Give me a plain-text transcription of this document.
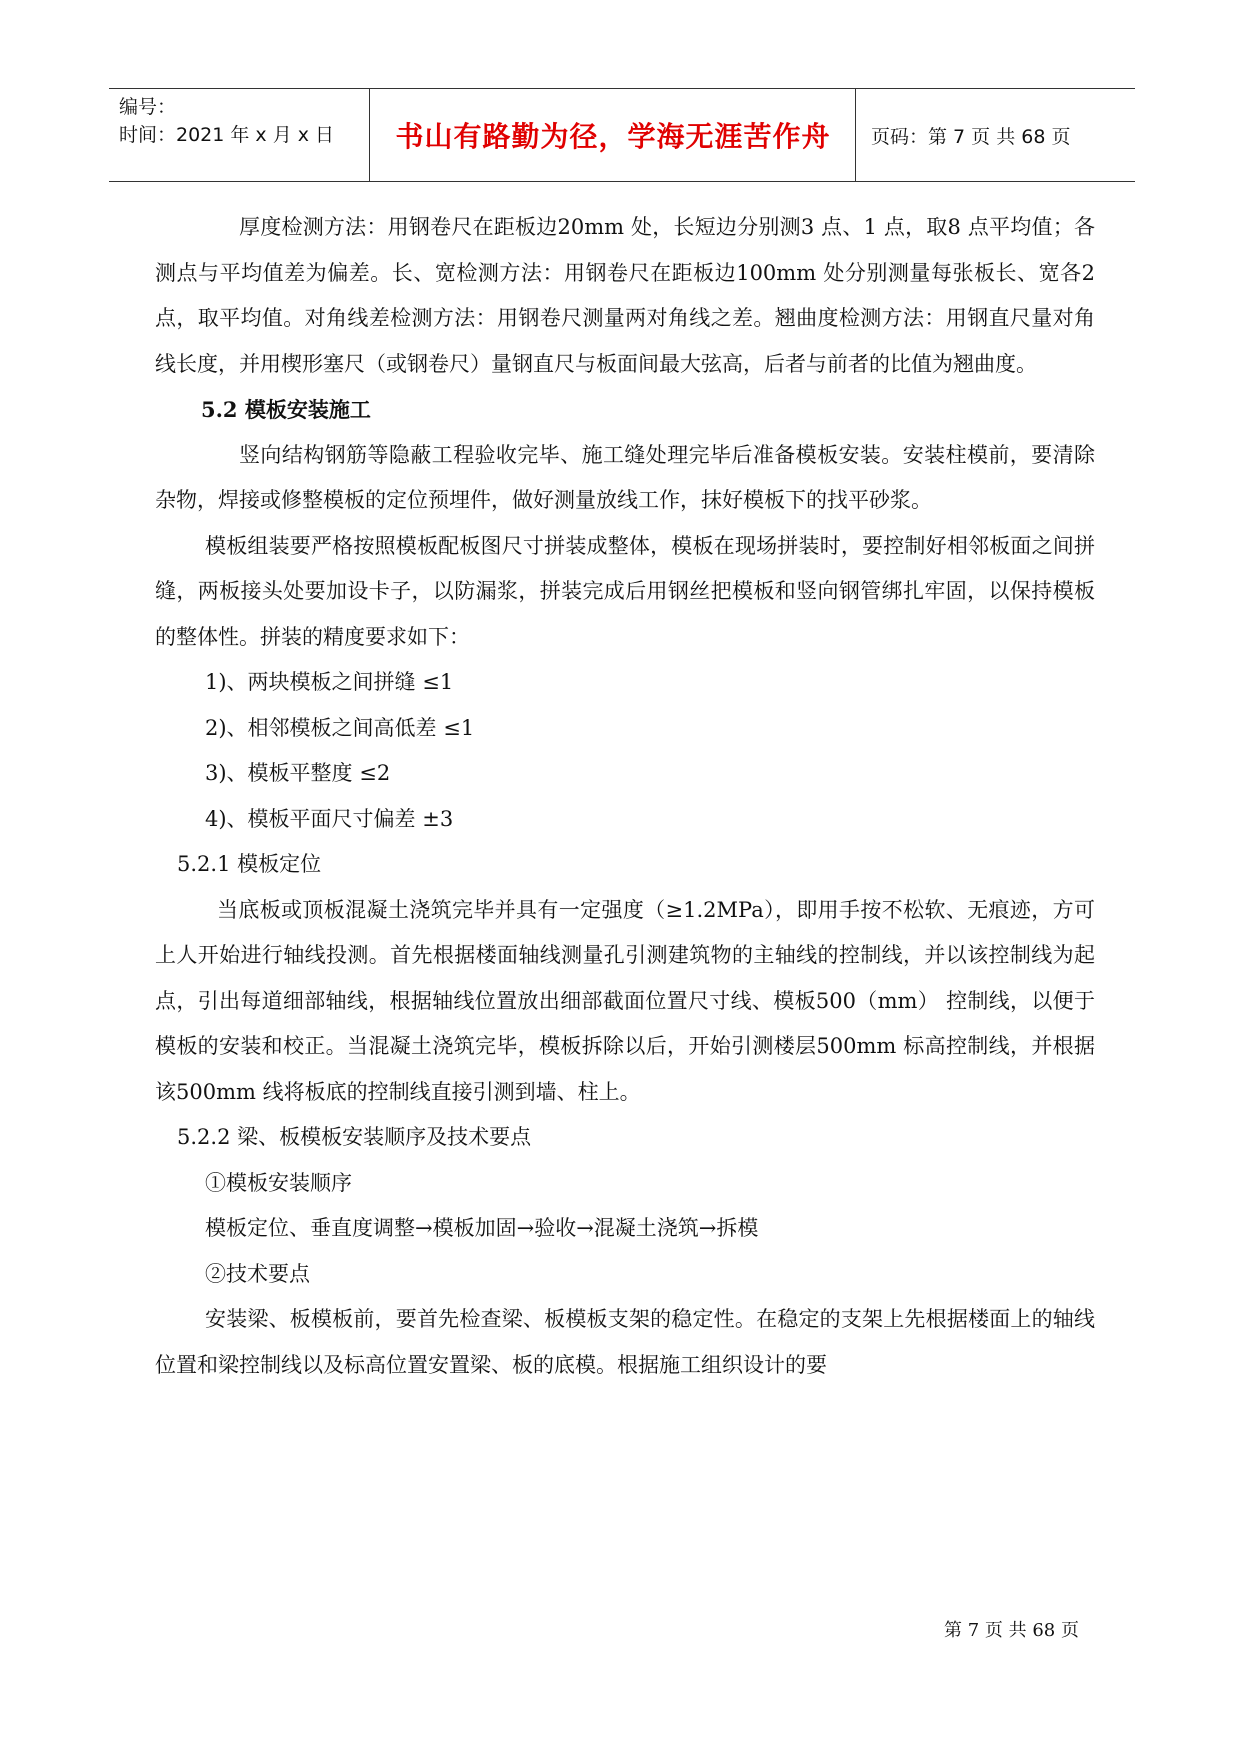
编号：
时间：2021 年 x 月 x 日	书山有路勤为径，学海无涯苦作舟	页码：第 7 页 共 68 页

厚度检测方法：用钢卷尺在距板边20mm 处，长短边分别测3 点、1 点，取8 点平均值；各测点与平均值差为偏差。长、宽检测方法：用钢卷尺在距板边100mm 处分别测量每张板长、宽各2点，取平均值。对角线差检测方法：用钢卷尺测量两对角线之差。翘曲度检测方法：用钢直尺量对角线长度，并用楔形塞尺（或钢卷尺）量钢直尺与板面间最大弦高，后者与前者的比值为翘曲度。

5.2 模板安装施工

竖向结构钢筋等隐蔽工程验收完毕、施工缝处理完毕后准备模板安装。安装柱模前，要清除杂物，焊接或修整模板的定位预埋件，做好测量放线工作，抹好模板下的找平砂浆。

模板组装要严格按照模板配板图尺寸拼装成整体，模板在现场拼装时，要控制好相邻板面之间拼缝，两板接头处要加设卡子，以防漏浆，拼装完成后用钢丝把模板和竖向钢管绑扎牢固，以保持模板的整体性。拼装的精度要求如下：

1)、两块模板之间拼缝 ≤1

2)、相邻模板之间高低差 ≤1

3)、模板平整度 ≤2

4)、模板平面尺寸偏差 ±3

5.2.1 模板定位

当底板或顶板混凝土浇筑完毕并具有一定强度（≥1.2MPa），即用手按不松软、无痕迹，方可上人开始进行轴线投测。首先根据楼面轴线测量孔引测建筑物的主轴线的控制线，并以该控制线为起点，引出每道细部轴线，根据轴线位置放出细部截面位置尺寸线、模板500（mm） 控制线，以便于模板的安装和校正。当混凝土浇筑完毕，模板拆除以后，开始引测楼层500mm 标高控制线，并根据该500mm 线将板底的控制线直接引测到墙、柱上。

5.2.2 梁、板模板安装顺序及技术要点

①模板安装顺序

模板定位、垂直度调整→模板加固→验收→混凝土浇筑→拆模

②技术要点

安装梁、板模板前，要首先检查梁、板模板支架的稳定性。在稳定的支架上先根据楼面上的轴线位置和梁控制线以及标高位置安置梁、板的底模。根据施工组织设计的要

第 7 页 共 68 页
